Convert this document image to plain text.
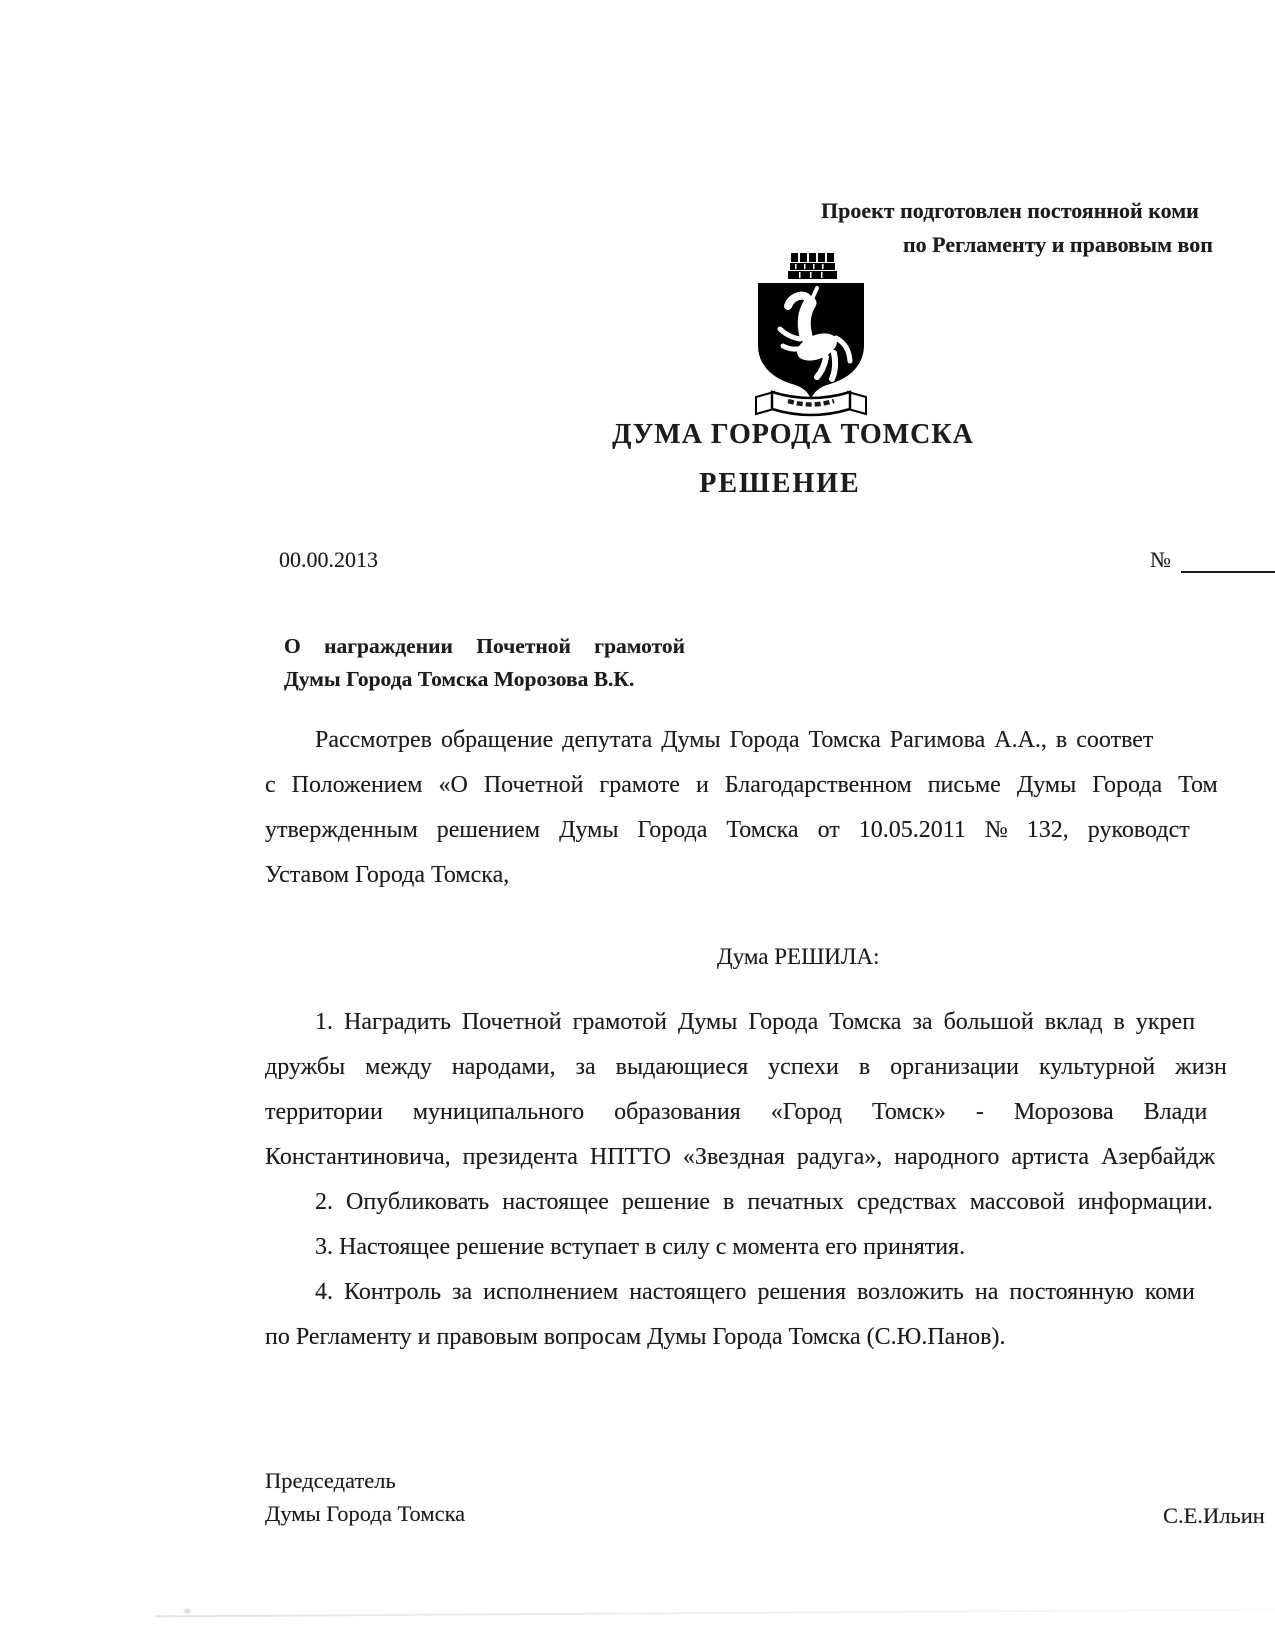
Проект подготовлен постоянной коми
по Регламенту и правовым воп
ДУМА ГОРОДА ТОМСКА
РЕШЕНИЕ
00.00.2013	№
О награждении Почетной грамотой
Думы Города Томска Морозова В.К.
Рассмотрев обращение депутата Думы Города Томска Рагимова А.А., в соответ
с Положением «О Почетной грамоте и Благодарственном письме Думы Города Том
утвержденным решением Думы Города Томска от 10.05.2011 № 132, руководст
Уставом Города Томска,
Дума РЕШИЛА:
1. Наградить Почетной грамотой Думы Города Томска за большой вклад в укреп
дружбы между народами, за выдающиеся успехи в организации культурной жизн
территории муниципального образования «Город Томск» - Морозова Влади
Константиновича, президента НПТТО «Звездная радуга», народного артиста Азербайдж
2. Опубликовать настоящее решение в печатных средствах массовой информации.
3. Настоящее решение вступает в силу с момента его принятия.
4. Контроль за исполнением настоящего решения возложить на постоянную коми
по Регламенту и правовым вопросам Думы Города Томска (С.Ю.Панов).
Председатель
Думы Города Томска	С.Е.Ильин
